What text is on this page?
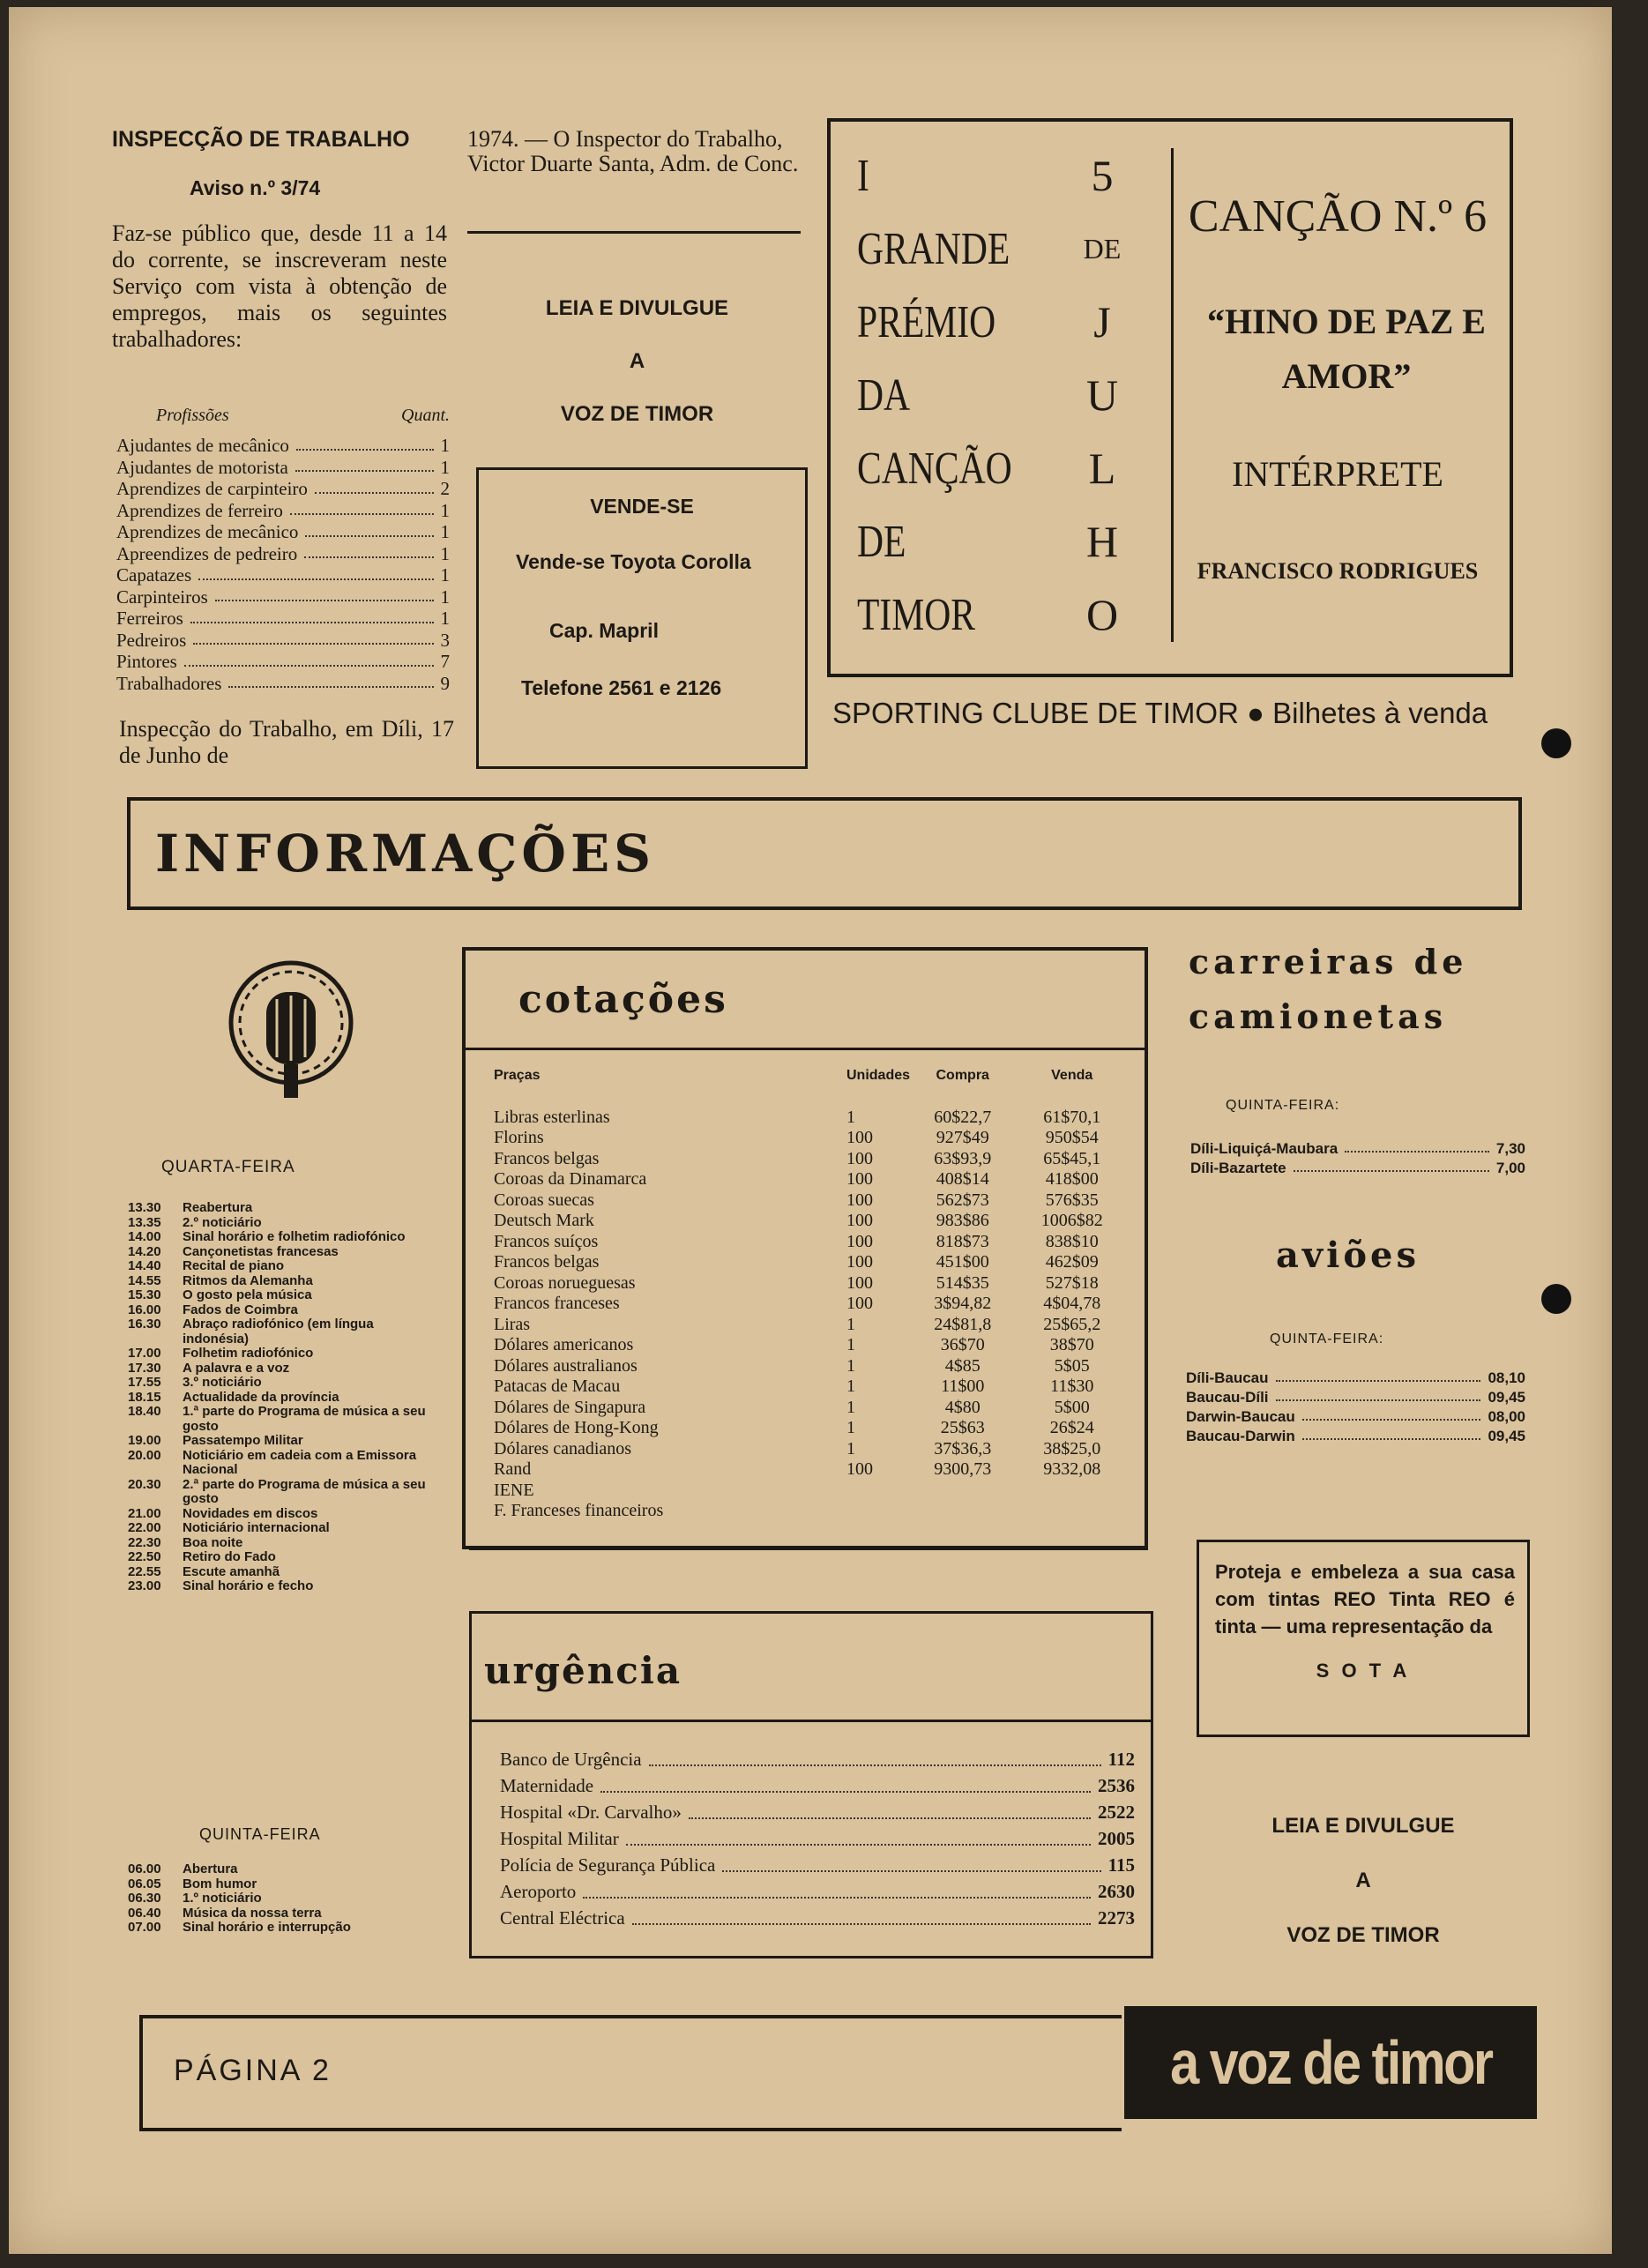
INSPECÇÃO DE TRABALHO
Aviso n.º 3/74
Faz-se público que, desde 11 a 14 do corrente, se inscreveram neste Serviço com vista à obtenção de empregos, mais os seguintes trabalhadores:
Profissões	Quant.
Ajudantes de mecânico	1
Ajudantes de motorista	1
Aprendizes de carpinteiro	2
Aprendizes de ferreiro	1
Aprendizes de mecânico	1
Apreendizes de pedreiro	1
Capatazes	1
Carpinteiros	1
Ferreiros	1
Pedreiros	3
Pintores	7
Trabalhadores	9
Inspecção do Trabalho, em Díli, 17 de Junho de
1974. — O Inspector do Trabalho, Victor Duarte Santa, Adm. de Conc.
LEIA E DIVULGUE
A
VOZ DE TIMOR
VENDE-SE
Vende-se Toyota Corolla
Cap. Mapril
Telefone 2561 e 2126
I
GRANDE
PRÉMIO
DA
CANÇÃO
DE
TIMOR
5
DE
J
U
L
H
O
CANÇÃO N.º 6
“HINO DE PAZ E AMOR”
INTÉRPRETE
FRANCISCO RODRIGUES
SPORTING CLUBE DE TIMOR ● Bilhetes à venda
INFORMAÇÕES
QUARTA-FEIRA
13.30	Reabertura
13.35	2.º noticiário
14.00	Sinal horário e folhetim radiofónico
14.20	Cançonetistas francesas
14.40	Recital de piano
14.55	Ritmos da Alemanha
15.30	O gosto pela música
16.00	Fados de Coimbra
16.30	Abraço radiofónico (em língua indonésia)
17.00	Folhetim radiofónico
17.30	A palavra e a voz
17.55	3.º noticiário
18.15	Actualidade da província
18.40	1.ª parte do Programa de música a seu gosto
19.00	Passatempo Militar
20.00	Noticiário em cadeia com a Emissora Nacional
20.30	2.ª parte do Programa de música a seu gosto
21.00	Novidades em discos
22.00	Noticiário internacional
22.30	Boa noite
22.50	Retiro do Fado
22.55	Escute amanhã
23.00	Sinal horário e fecho
QUINTA-FEIRA
06.00	Abertura
06.05	Bom humor
06.30	1.º noticiário
06.40	Música da nossa terra
07.00	Sinal horário e interrupção
cotações
Praças	Unidades	Compra	Venda
Libras esterlinas	1	60$22,7	61$70,1
Florins	100	927$49	950$54
Francos belgas	100	63$93,9	65$45,1
Coroas da Dinamarca	100	408$14	418$00
Coroas suecas	100	562$73	576$35
Deutsch Mark	100	983$86	1006$82
Francos suíços	100	818$73	838$10
Francos belgas	100	451$00	462$09
Coroas norueguesas	100	514$35	527$18
Francos franceses	100	3$94,82	4$04,78
Liras	1	24$81,8	25$65,2
Dólares americanos	1	36$70	38$70
Dólares australianos	1	4$85	5$05
Patacas de Macau	1	11$00	11$30
Dólares de Singapura	1	4$80	5$00
Dólares de Hong-Kong	1	25$63	26$24
Dólares canadianos	1	37$36,3	38$25,0
Rand	100	9300,73	9332,08
IENE			
F. Franceses financeiros			
urgência
Banco de Urgência	112
Maternidade	2536
Hospital «Dr. Carvalho»	2522
Hospital Militar	2005
Polícia de Segurança Pública	115
Aeroporto	2630
Central Eléctrica	2273
carreiras de
camionetas
QUINTA-FEIRA:
Díli-Liquiçá-Maubara	7,30
Díli-Bazartete	7,00
aviões
QUINTA-FEIRA:
Díli-Baucau	08,10
Baucau-Díli	09,45
Darwin-Baucau	08,00
Baucau-Darwin	09,45
Proteja e embeleza a sua casa com tintas REO Tinta REO é tinta — uma representação da
S O T A
LEIA E DIVULGUE
A
VOZ DE TIMOR
PÁGINA 2	a voz de timor
